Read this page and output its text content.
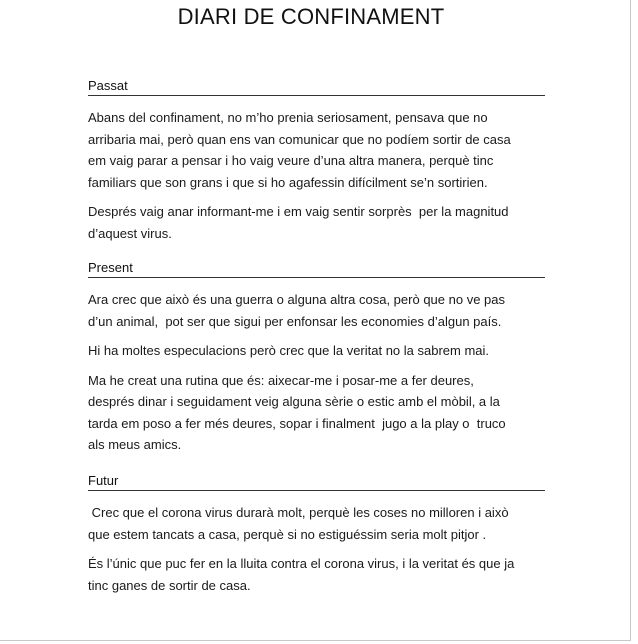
DIARI DE CONFINAMENT
Passat

Abans del confinament, no m’ho prenia seriosament, pensava que no
arribaria mai, però quan ens van comunicar que no podíem sortir de casa
em vaig parar a pensar i ho vaig veure d’una altra manera, perquè tinc
familiars que son grans i que si ho agafessin difícilment se’n sortirien.

Després vaig anar informant-me i em vaig sentir sorprès  per la magnitud
d’aquest virus.

Present

Ara crec que això és una guerra o alguna altra cosa, però que no ve pas
d’un animal,  pot ser que sigui per enfonsar les economies d’algun país.

Hi ha moltes especulacions però crec que la veritat no la sabrem mai.

Ma he creat una rutina que és: aixecar-me i posar-me a fer deures,
després dinar i seguidament veig alguna sèrie o estic amb el mòbil, a la
tarda em poso a fer més deures, sopar i finalment  jugo a la play o  truco
als meus amics.

Futur

Crec que el corona virus durarà molt, perquè les coses no milloren i això
que estem tancats a casa, perquè si no estiguéssim seria molt pitjor .

És l’únic que puc fer en la lluita contra el corona virus, i la veritat és que ja
tinc ganes de sortir de casa.
